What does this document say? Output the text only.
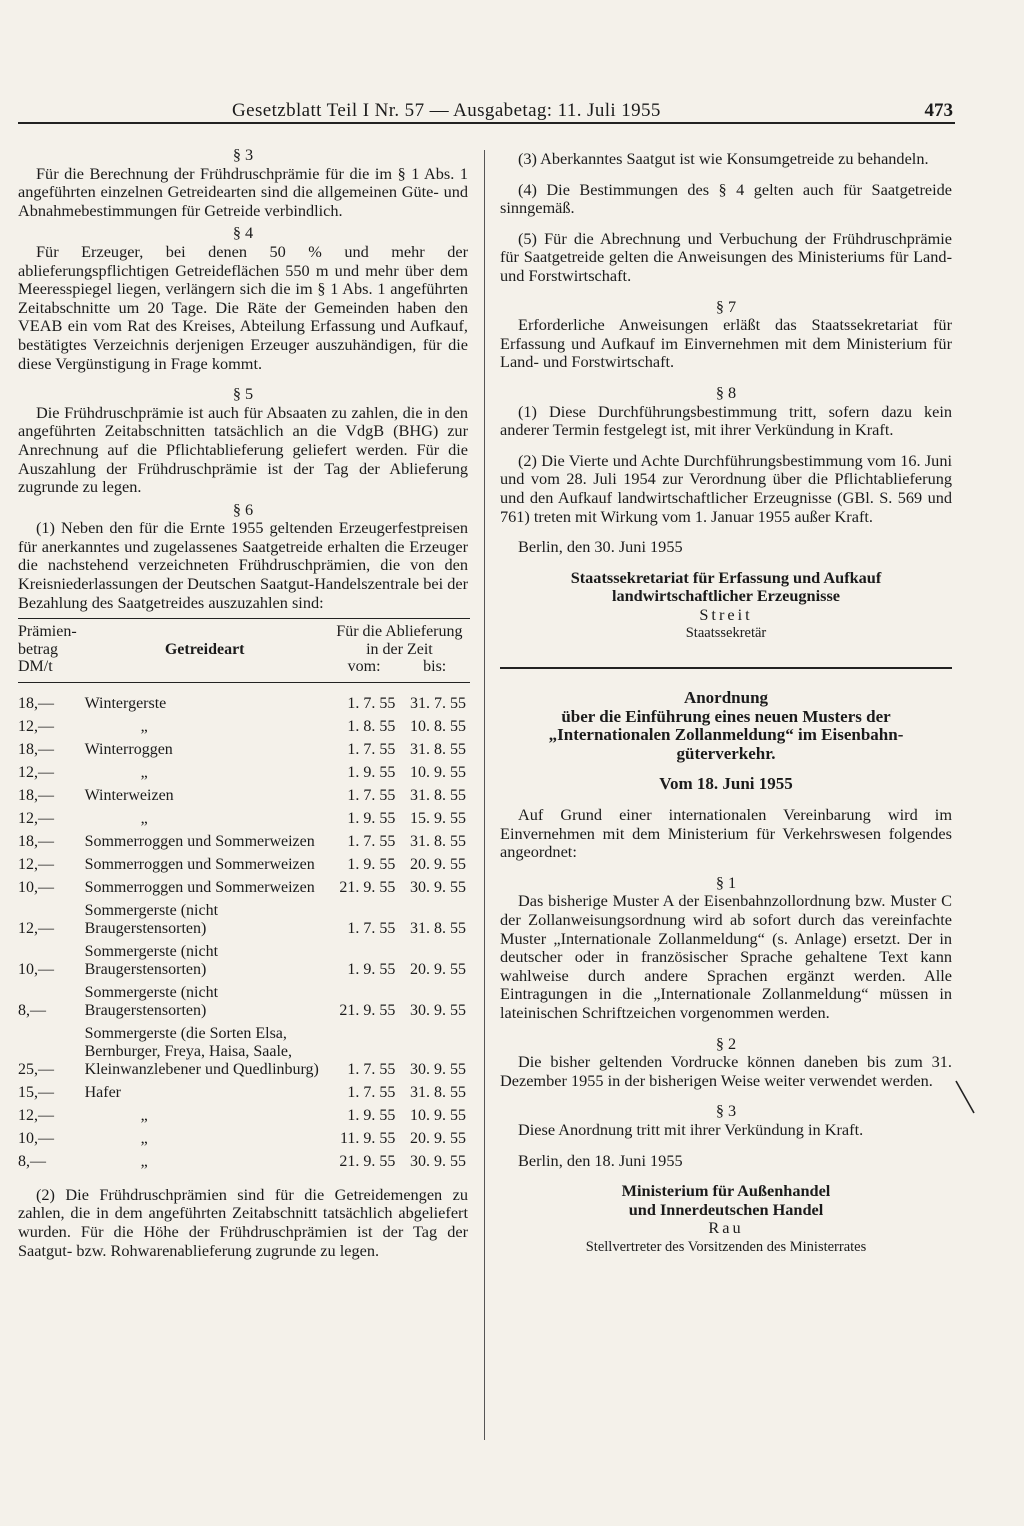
Gesetzblatt Teil I Nr. 57 — Ausgabetag: 11. Juli 1955	473

§ 3

Für die Berechnung der Frühdruschprämie für die im § 1 Abs. 1 angeführten einzelnen Getreidearten sind die allgemeinen Güte- und Abnahmebestimmungen für Getreide verbindlich.

§ 4

Für Erzeuger, bei denen 50 % und mehr der ablieferungspflichtigen Getreideflächen 550 m und mehr über dem Meeresspiegel liegen, verlängern sich die im § 1 Abs. 1 angeführten Zeitabschnitte um 20 Tage. Die Räte der Gemeinden haben den VEAB ein vom Rat des Kreises, Abteilung Erfassung und Aufkauf, bestätigtes Verzeichnis derjenigen Erzeuger auszuhändigen, für die diese Vergünstigung in Frage kommt.

§ 5

Die Frühdruschprämie ist auch für Absaaten zu zahlen, die in den angeführten Zeitabschnitten tatsächlich an die VdgB (BHG) zur Anrechnung auf die Pflichtablieferung geliefert werden. Für die Auszahlung der Frühdruschprämie ist der Tag der Ablieferung zugrunde zu legen.

§ 6

(1) Neben den für die Ernte 1955 geltenden Erzeugerfestpreisen für anerkanntes und zugelassenes Saatgetreide erhalten die Erzeuger die nachstehend verzeichneten Frühdruschprämien, die von den Kreisniederlassungen der Deutschen Saatgut-Handelszentrale bei der Bezahlung des Saatgetreides auszuzahlen sind:

Prämien-
betrag
DM/t	Getreideart	Für die Ablieferung
in der Zeit
vom: bis:	
18,—	Wintergerste	1. 7. 55	31. 7. 55
12,—	„	1. 8. 55	10. 8. 55
18,—	Winterroggen	1. 7. 55	31. 8. 55
12,—	„	1. 9. 55	10. 9. 55
18,—	Winterweizen	1. 7. 55	31. 8. 55
12,—	„	1. 9. 55	15. 9. 55
18,—	Sommerroggen und Sommerweizen	1. 7. 55	31. 8. 55
12,—	Sommerroggen und Sommerweizen	1. 9. 55	20. 9. 55
10,—	Sommerroggen und Sommerweizen	21. 9. 55	30. 9. 55
12,—	Sommergerste (nicht Braugerstensorten)	1. 7. 55	31. 8. 55
10,—	Sommergerste (nicht Braugerstensorten)	1. 9. 55	20. 9. 55
8,—	Sommergerste (nicht Braugerstensorten)	21. 9. 55	30. 9. 55
25,—	Sommergerste (die Sorten Elsa, Bernburger, Freya, Haisa, Saale, Kleinwanzlebener und Quedlinburg)	1. 7. 55	30. 9. 55
15,—	Hafer	1. 7. 55	31. 8. 55
12,—	„	1. 9. 55	10. 9. 55
10,—	„	11. 9. 55	20. 9. 55
8,—	„	21. 9. 55	30. 9. 55

(2) Die Frühdruschprämien sind für die Getreidemengen zu zahlen, die in dem angeführten Zeitabschnitt tatsächlich abgeliefert wurden. Für die Höhe der Frühdruschprämien ist der Tag der Saatgut- bzw. Rohwarenablieferung zugrunde zu legen.

(3) Aberkanntes Saatgut ist wie Konsumgetreide zu behandeln.

(4) Die Bestimmungen des § 4 gelten auch für Saatgetreide sinngemäß.

(5) Für die Abrechnung und Verbuchung der Frühdruschprämie für Saatgetreide gelten die Anweisungen des Ministeriums für Land- und Forstwirtschaft.

§ 7

Erforderliche Anweisungen erläßt das Staatssekretariat für Erfassung und Aufkauf im Einvernehmen mit dem Ministerium für Land- und Forstwirtschaft.

§ 8

(1) Diese Durchführungsbestimmung tritt, sofern dazu kein anderer Termin festgelegt ist, mit ihrer Verkündung in Kraft.

(2) Die Vierte und Achte Durchführungsbestimmung vom 16. Juni und vom 28. Juli 1954 zur Verordnung über die Pflichtablieferung und den Aufkauf landwirtschaftlicher Erzeugnisse (GBl. S. 569 und 761) treten mit Wirkung vom 1. Januar 1955 außer Kraft.

Berlin, den 30. Juni 1955

Staatssekretariat für Erfassung und Aufkauf

landwirtschaftlicher Erzeugnisse

Streit

Staatssekretär

Anordnung

über die Einführung eines neuen Musters der

„Internationalen Zollanmeldung“ im Eisenbahn-

güterverkehr.

Vom 18. Juni 1955

Auf Grund einer internationalen Vereinbarung wird im Einvernehmen mit dem Ministerium für Verkehrswesen folgendes angeordnet:

§ 1

Das bisherige Muster A der Eisenbahnzollordnung bzw. Muster C der Zollanweisungsordnung wird ab sofort durch das vereinfachte Muster „Internationale Zollanmeldung“ (s. Anlage) ersetzt. Der in deutscher oder in französischer Sprache gehaltene Text kann wahlweise durch andere Sprachen ergänzt werden. Alle Eintragungen in die „Internationale Zollanmeldung“ müssen in lateinischen Schriftzeichen vorgenommen werden.

§ 2

Die bisher geltenden Vordrucke können daneben bis zum 31. Dezember 1955 in der bisherigen Weise weiter verwendet werden.

§ 3

Diese Anordnung tritt mit ihrer Verkündung in Kraft.

Berlin, den 18. Juni 1955

Ministerium für Außenhandel

und Innerdeutschen Handel

Rau

Stellvertreter des Vorsitzenden des Ministerrates
